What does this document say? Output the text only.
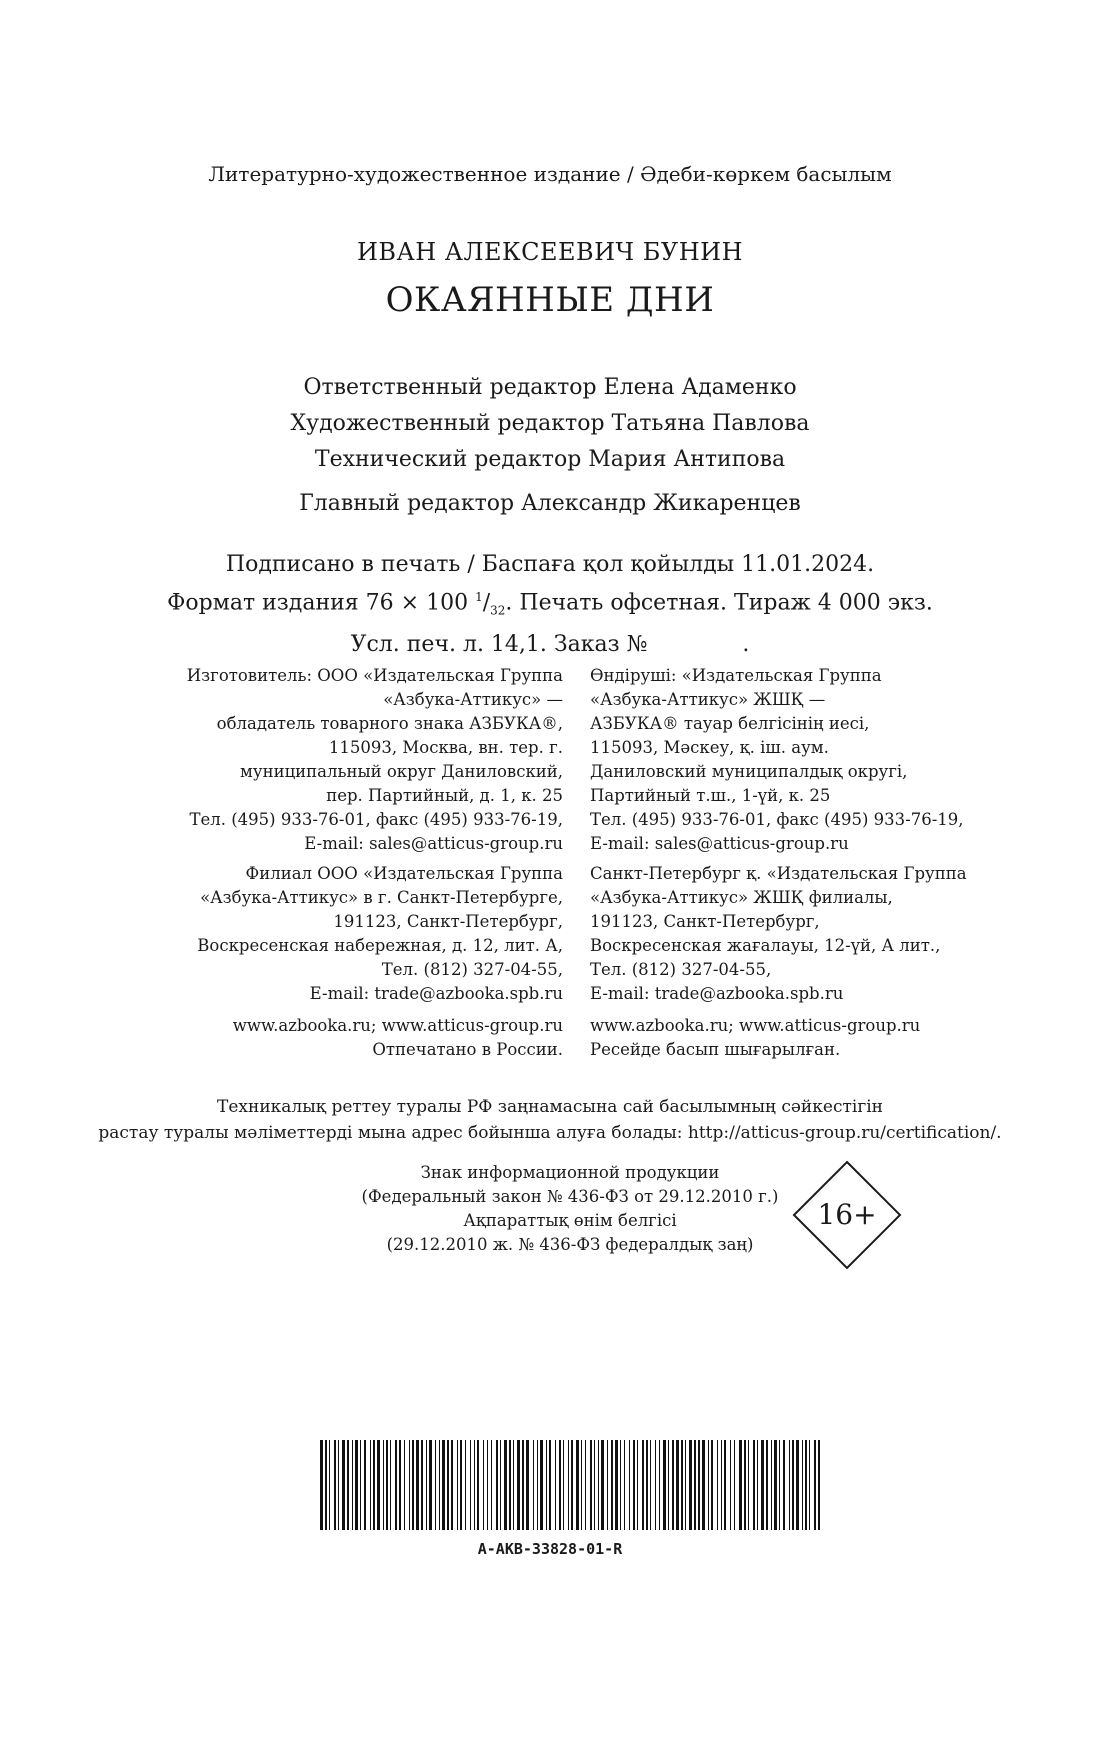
Литературно-художественное издание / Әдеби-көркем басылым
ИВАН АЛЕКСЕЕВИЧ БУНИН
ОКАЯННЫЕ ДНИ
Ответственный редактор Елена Адаменко
Художественный редактор Татьяна Павлова
Технический редактор Мария Антипова
Главный редактор Александр Жикаренцев
Подписано в печать / Баспаға қол қойылды 11.01.2024.
Формат издания 76 × 100 $^1/_{32}$. Печать офсетная. Тираж 4 000 экз.
Усл. печ. л. 14,1. Заказ №	.
Изготовитель: ООО «Издательская Группа
«Азбука-Аттикус» —
обладатель товарного знака АЗБУКА®,
115093, Москва, вн. тер. г.
муниципальный округ Даниловский,
пер. Партийный, д. 1, к. 25
Тел. (495) 933-76-01, факс (495) 933-76-19,
E-mail: sales@atticus-group.ru
Өндіруші: «Издательская Группа
«Азбука-Аттикус» ЖШҚ —
АЗБУКА® тауар белгісінің иесі,
115093, Мәскеу, қ. іш. аум.
Даниловский муниципалдық округі,
Партийный т.ш., 1-үй, к. 25
Тел. (495) 933-76-01, факс (495) 933-76-19,
E-mail: sales@atticus-group.ru
Филиал ООО «Издательская Группа
«Азбука-Аттикус» в г. Санкт-Петербурге,
191123, Санкт-Петербург,
Воскресенская набережная, д. 12, лит. А,
Тел. (812) 327-04-55,
E-mail: trade@azbooka.spb.ru
Санкт-Петербург қ. «Издательская Группа
«Азбука-Аттикус» ЖШҚ филиалы,
191123, Санкт-Петербург,
Воскресенская жағалауы, 12-үй, А лит.,
Тел. (812) 327-04-55,
E-mail: trade@azbooka.spb.ru
www.azbooka.ru; www.atticus-group.ru
Отпечатано в России.
www.azbooka.ru; www.atticus-group.ru
Ресейде басып шығарылған.
Техникалық реттеу туралы РФ заңнамасына сай басылымның сәйкестігін
растау туралы мәліметтерді мына адрес бойынша алуға болады: http://atticus-group.ru/certification/.
Знак информационной продукции
(Федеральный закон № 436-ФЗ от 29.12.2010 г.)
Ақпараттық өнім белгісі
(29.12.2010 ж. № 436-ФЗ федералдық заң)
16+
A-AKB-33828-01-R
